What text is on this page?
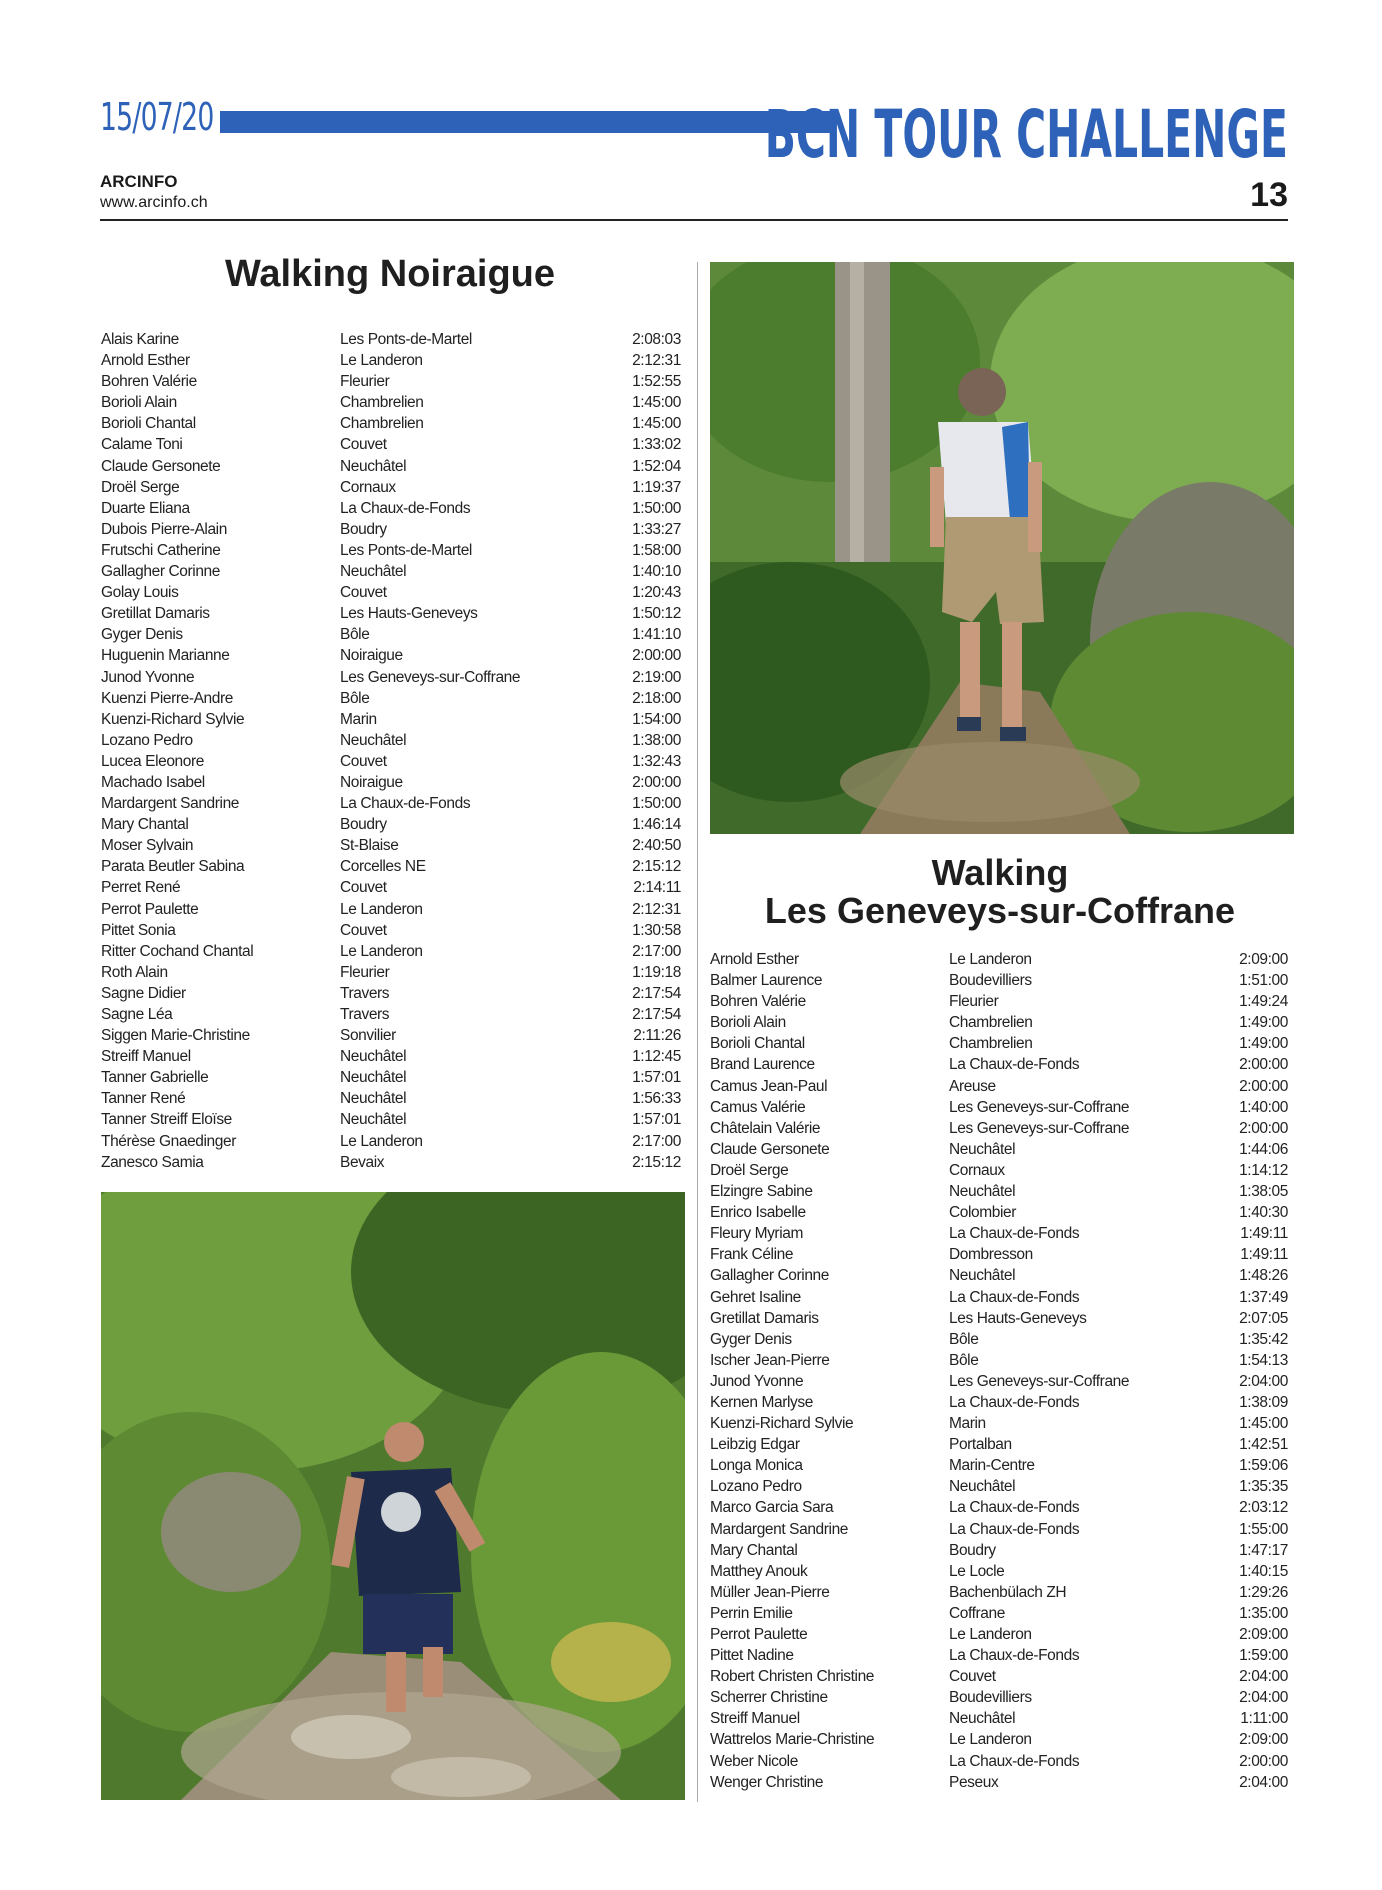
15/07/20	BCN TOUR CHALLENGE
ARCINFO
www.arcinfo.ch	13
Walking Noiraigue
Alais Karine	Les Ponts-de-Martel	2:08:03
Arnold Esther	Le Landeron	2:12:31
Bohren Valérie	Fleurier	1:52:55
Borioli Alain	Chambrelien	1:45:00
Borioli Chantal	Chambrelien	1:45:00
Calame Toni	Couvet	1:33:02
Claude Gersonete	Neuchâtel	1:52:04
Droël Serge	Cornaux	1:19:37
Duarte Eliana	La Chaux-de-Fonds	1:50:00
Dubois Pierre-Alain	Boudry	1:33:27
Frutschi Catherine	Les Ponts-de-Martel	1:58:00
Gallagher Corinne	Neuchâtel	1:40:10
Golay Louis	Couvet	1:20:43
Gretillat Damaris	Les Hauts-Geneveys	1:50:12
Gyger Denis	Bôle	1:41:10
Huguenin Marianne	Noiraigue	2:00:00
Junod Yvonne	Les Geneveys-sur-Coffrane	2:19:00
Kuenzi Pierre-Andre	Bôle	2:18:00
Kuenzi-Richard Sylvie	Marin	1:54:00
Lozano Pedro	Neuchâtel	1:38:00
Lucea Eleonore	Couvet	1:32:43
Machado Isabel	Noiraigue	2:00:00
Mardargent Sandrine	La Chaux-de-Fonds	1:50:00
Mary Chantal	Boudry	1:46:14
Moser Sylvain	St-Blaise	2:40:50
Parata Beutler Sabina	Corcelles NE	2:15:12
Perret René	Couvet	2:14:11
Perrot Paulette	Le Landeron	2:12:31
Pittet Sonia	Couvet	1:30:58
Ritter Cochand Chantal	Le Landeron	2:17:00
Roth Alain	Fleurier	1:19:18
Sagne Didier	Travers	2:17:54
Sagne Léa	Travers	2:17:54
Siggen Marie-Christine	Sonvilier	2:11:26
Streiff Manuel	Neuchâtel	1:12:45
Tanner Gabrielle	Neuchâtel	1:57:01
Tanner René	Neuchâtel	1:56:33
Tanner Streiff Eloïse	Neuchâtel	1:57:01
Thérèse Gnaedinger	Le Landeron	2:17:00
Zanesco Samia	Bevaix	2:15:12
Walking
Les Geneveys-sur-Coffrane
Arnold Esther	Le Landeron	2:09:00
Balmer Laurence	Boudevilliers	1:51:00
Bohren Valérie	Fleurier	1:49:24
Borioli Alain	Chambrelien	1:49:00
Borioli Chantal	Chambrelien	1:49:00
Brand Laurence	La Chaux-de-Fonds	2:00:00
Camus Jean-Paul	Areuse	2:00:00
Camus Valérie	Les Geneveys-sur-Coffrane	1:40:00
Châtelain Valérie	Les Geneveys-sur-Coffrane	2:00:00
Claude Gersonete	Neuchâtel	1:44:06
Droël Serge	Cornaux	1:14:12
Elzingre Sabine	Neuchâtel	1:38:05
Enrico Isabelle	Colombier	1:40:30
Fleury Myriam	La Chaux-de-Fonds	1:49:11
Frank Céline	Dombresson	1:49:11
Gallagher Corinne	Neuchâtel	1:48:26
Gehret Isaline	La Chaux-de-Fonds	1:37:49
Gretillat Damaris	Les Hauts-Geneveys	2:07:05
Gyger Denis	Bôle	1:35:42
Ischer Jean-Pierre	Bôle	1:54:13
Junod Yvonne	Les Geneveys-sur-Coffrane	2:04:00
Kernen Marlyse	La Chaux-de-Fonds	1:38:09
Kuenzi-Richard Sylvie	Marin	1:45:00
Leibzig Edgar	Portalban	1:42:51
Longa Monica	Marin-Centre	1:59:06
Lozano Pedro	Neuchâtel	1:35:35
Marco Garcia Sara	La Chaux-de-Fonds	2:03:12
Mardargent Sandrine	La Chaux-de-Fonds	1:55:00
Mary Chantal	Boudry	1:47:17
Matthey Anouk	Le Locle	1:40:15
Müller Jean-Pierre	Bachenbülach ZH	1:29:26
Perrin Emilie	Coffrane	1:35:00
Perrot Paulette	Le Landeron	2:09:00
Pittet Nadine	La Chaux-de-Fonds	1:59:00
Robert Christen Christine	Couvet	2:04:00
Scherrer Christine	Boudevilliers	2:04:00
Streiff Manuel	Neuchâtel	1:11:00
Wattrelos Marie-Christine	Le Landeron	2:09:00
Weber Nicole	La Chaux-de-Fonds	2:00:00
Wenger Christine	Peseux	2:04:00
